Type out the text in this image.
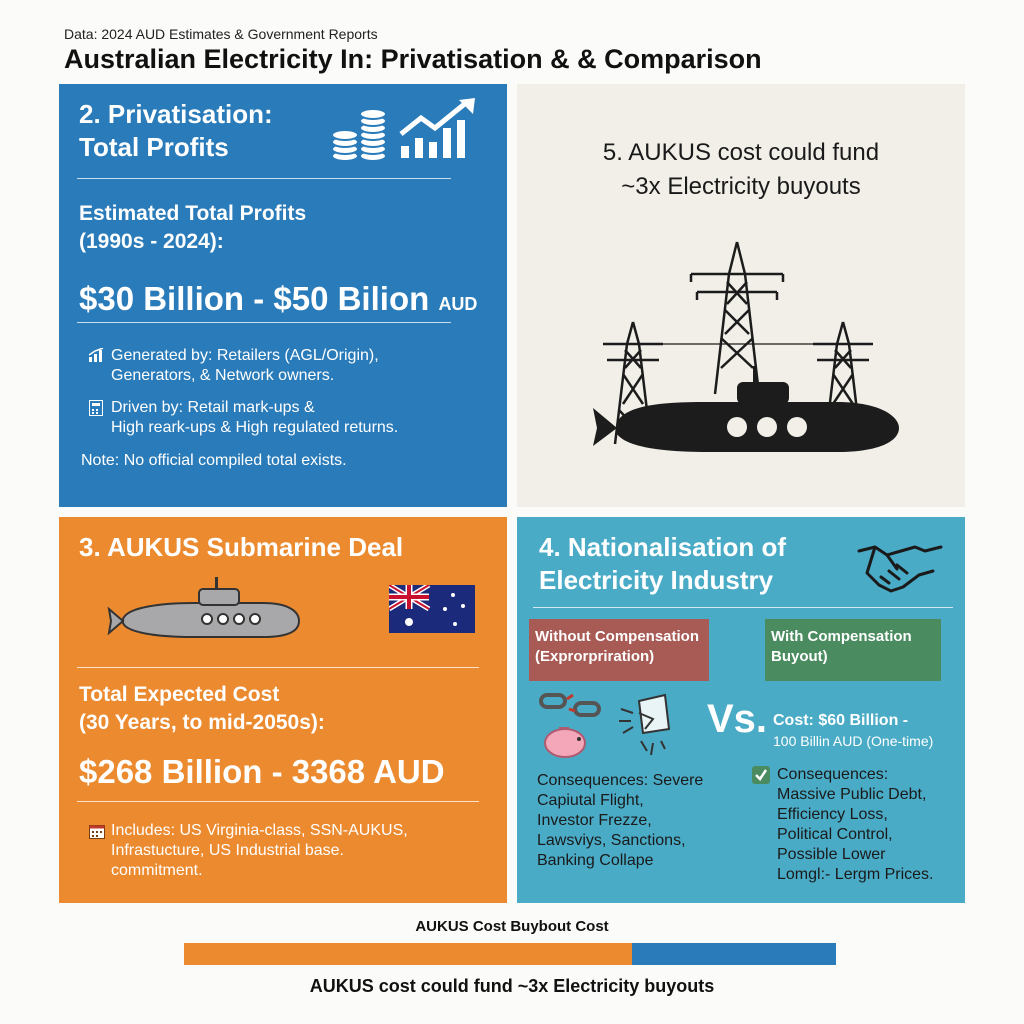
Data: 2024 AUD Estimates & Government Reports
Australian Electricity In: Privatisation & & Comparison
2. Privatisation:
Total Profits
Estimated Total Profits
(1990s - 2024):
$30 Billion - $50 Bilion AUD
Generated by: Retailers (AGL/Origin),
Generators, & Network owners.
Driven by: Retail mark-ups &
High reark-ups & High regulated returns.
Note: No official compiled total exists.
5. AUKUS cost could fund
~3x Electricity buyouts
3. AUKUS Submarine Deal
Total Expected Cost
(30 Years, to mid-2050s):
$268 Billion - 3368 AUD
Includes: US Virginia-class, SSN-AUKUS,
Infrastucture, US Industrial base.
commitment.
4. Nationalisation of
Electricity Industry
Without Compensation
(Exprorpriration)
With Compensation
Buyout)
Vs. Cost: $60 Billion -
100 Billin AUD (One-time)
Consequences: Severe
Capiutal Flight,
Investor Frezze,
Lawsviys, Sanctions,
Banking Collape
Consequences:
Massive Public Debt,
Efficiency Loss,
Political Control,
Possible Lower
Lomgl:- Lergm Prices.
AUKUS Cost Buybout Cost
AUKUS cost could fund ~3x Electricity buyouts
